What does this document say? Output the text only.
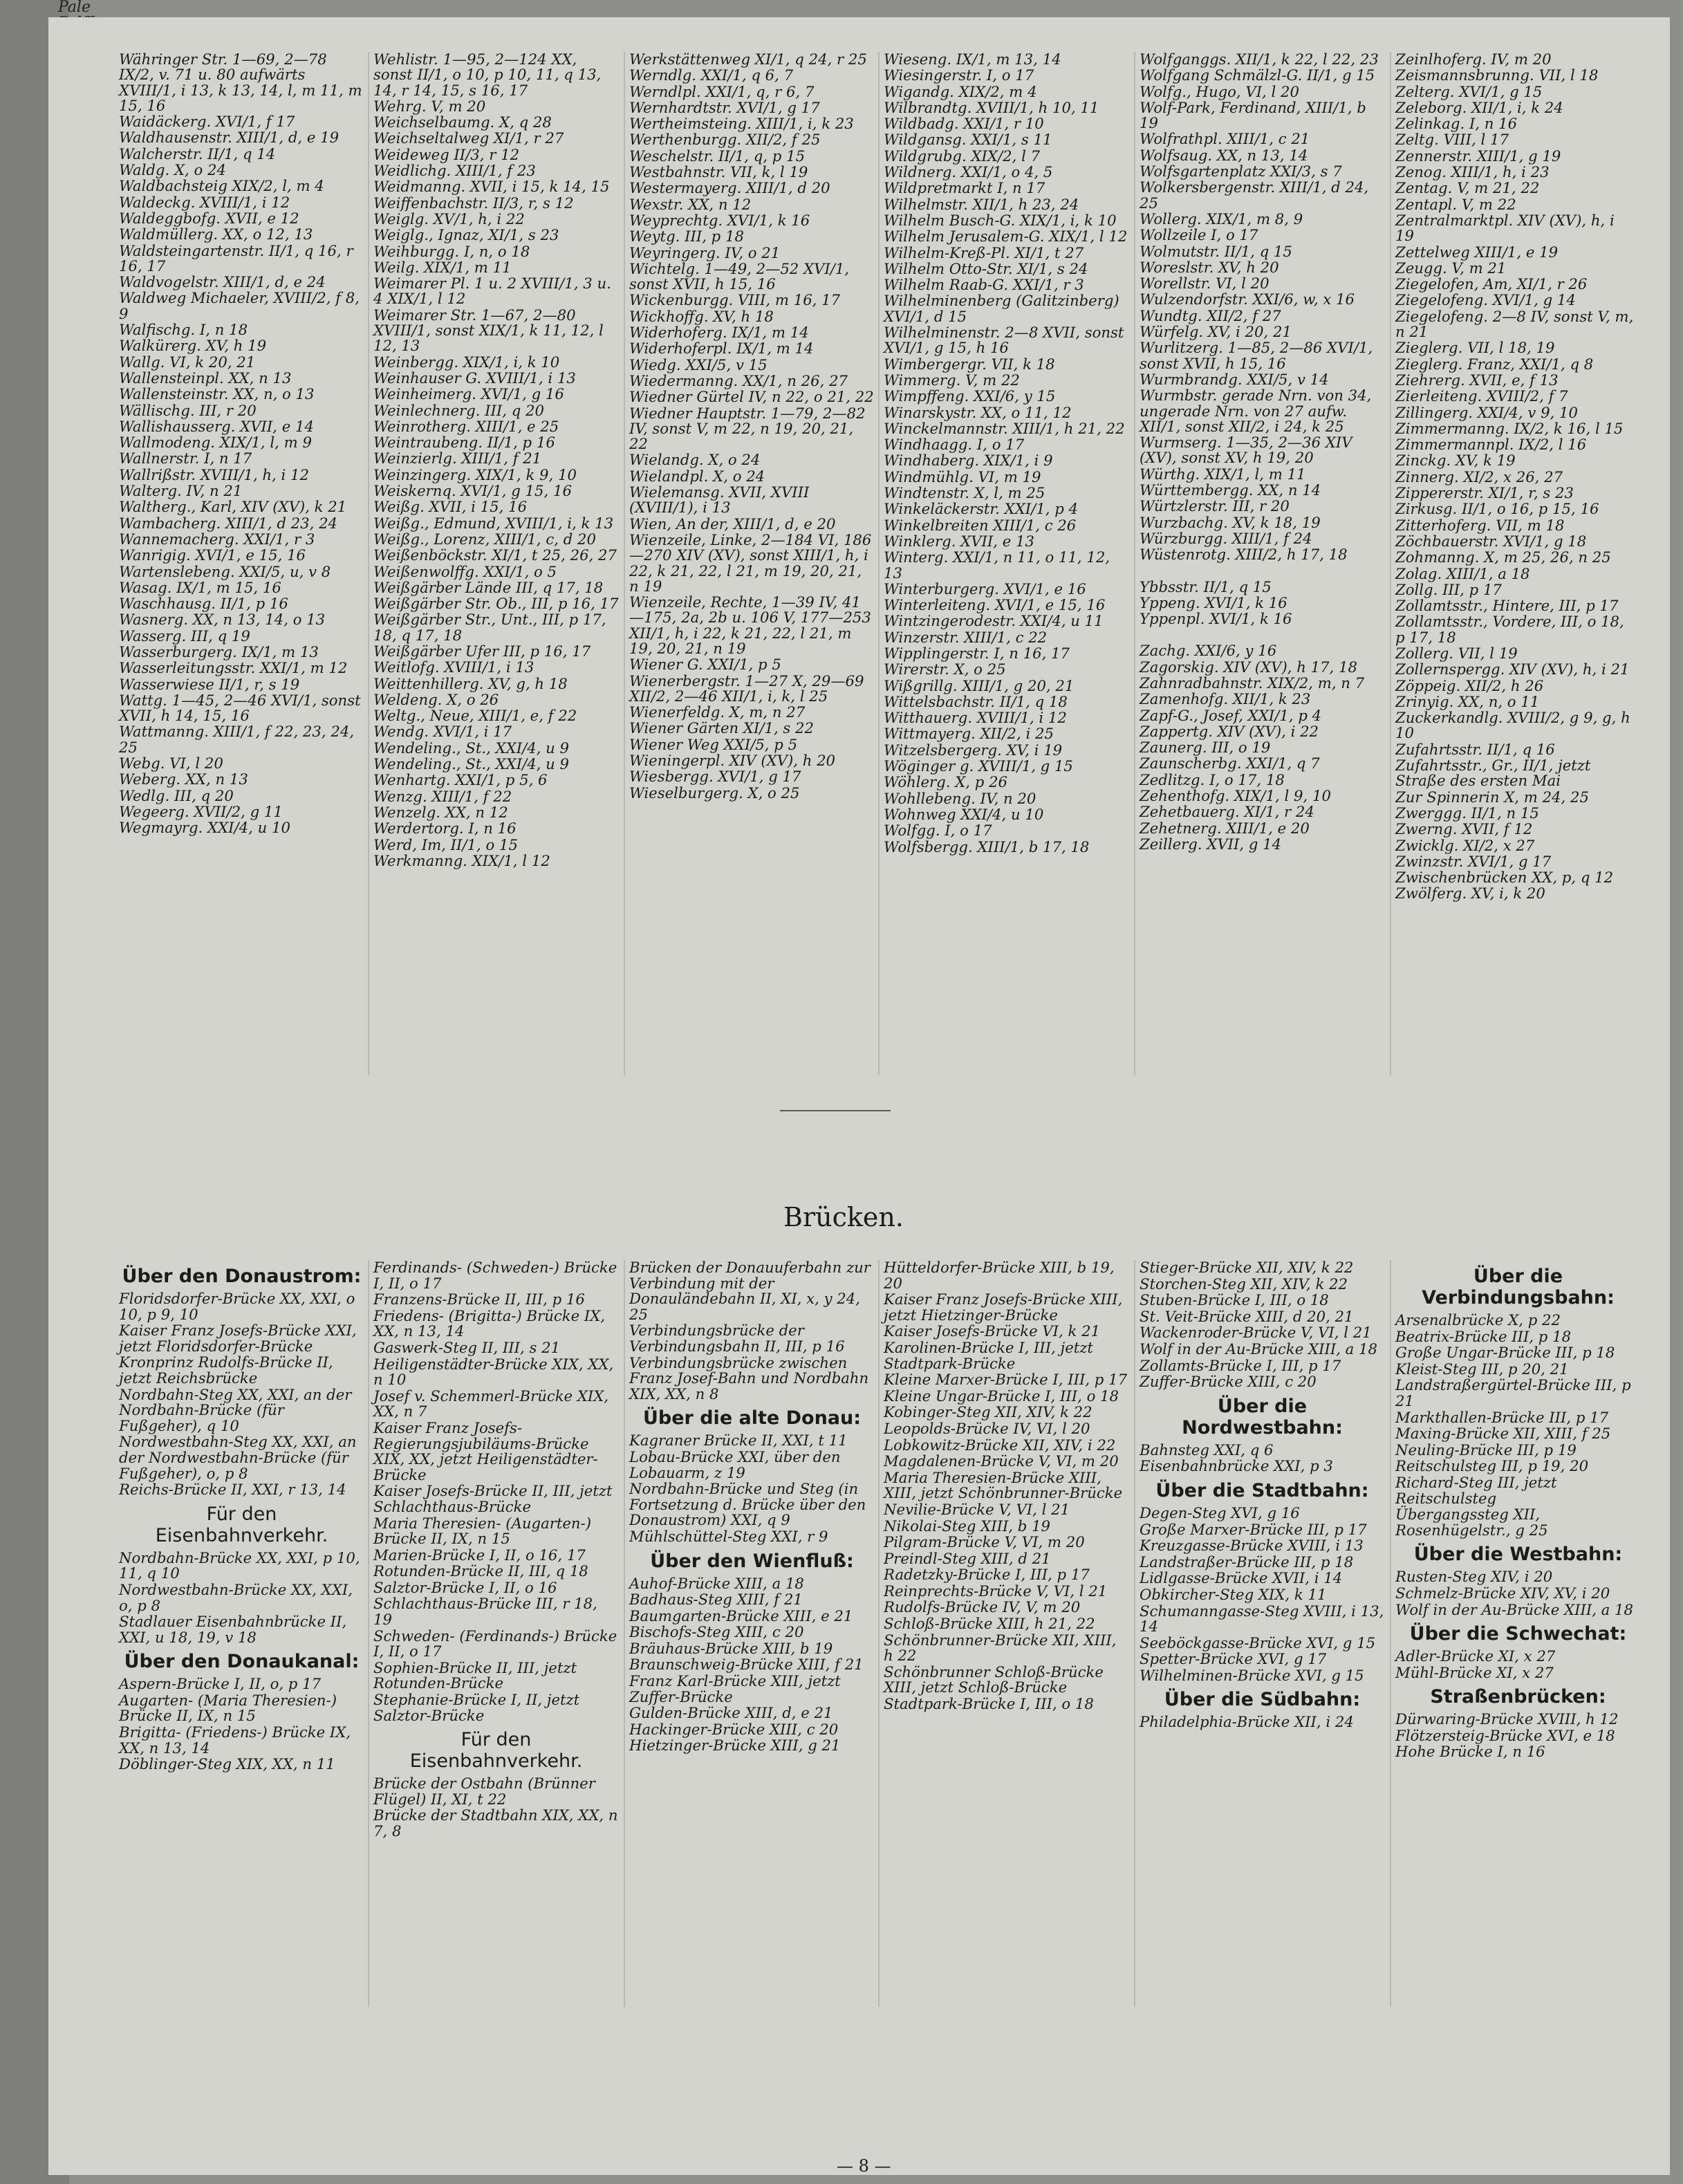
Pale
Währinger Str. 1—69, 2—78 IX/2, v. 71 u. 80 aufwärts XVIII/1, i 13, k 13, 14, l, m 11, m 15, 16
Waidäckerg. XVI/1, f 17
Waldhausenstr. XIII/1, d, e 19
Walcherstr. II/1, q 14
Waldg. X, o 24
Waldbachsteig XIX/2, l, m 4
Waldeckg. XVIII/1, i 12
Waldeggbofg. XVII, e 12
Waldmüllerg. XX, o 12, 13
Waldsteingartenstr. II/1, q 16, r 16, 17
Waldvogelstr. XIII/1, d, e 24
Waldweg Michaeler, XVIII/2, f 8, 9
Walfischg. I, n 18
Walkürerg. XV, h 19
Wallg. VI, k 20, 21
Wallensteinpl. XX, n 13
Wallensteinstr. XX, n, o 13
Wällischg. III, r 20
Wallishausserg. XVII, e 14
Wallmodeng. XIX/1, l, m 9
Wallnerstr. I, n 17
Wallrißstr. XVIII/1, h, i 12
Walterg. IV, n 21
Waltherg., Karl, XIV (XV), k 21
Wambacherg. XIII/1, d 23, 24
Wannemacherg. XXI/1, r 3
Wanrigig. XVI/1, e 15, 16
Wartenslebeng. XXI/5, u, v 8
Wasag. IX/1, m 15, 16
Waschhausg. II/1, p 16
Wasnerg. XX, n 13, 14, o 13
Wasserg. III, q 19
Wasserburgerg. IX/1, m 13
Wasserleitungsstr. XXI/1, m 12
Wasserwiese II/1, r, s 19
Wattg. 1—45, 2—46 XVI/1, sonst XVII, h 14, 15, 16
Wattmanng. XIII/1, f 22, 23, 24, 25
Webg. VI, l 20
Weberg. XX, n 13
Wedlg. III, q 20
Wegeerg. XVII/2, g 11
Wegmayrg. XXI/4, u 10
Wehlistr. 1—95, 2—124 XX, sonst II/1, o 10, p 10, 11, q 13, 14, r 14, 15, s 16, 17
Wehrg. V, m 20
Weichselbaumg. X, q 28
Weichseltalweg XI/1, r 27
Weideweg II/3, r 12
Weidlichg. XIII/1, f 23
Weidmanng. XVII, i 15, k 14, 15
Weiffenbachstr. II/3, r, s 12
Weiglg. XV/1, h, i 22
Weiglg., Ignaz, XI/1, s 23
Weihburgg. I, n, o 18
Weilg. XIX/1, m 11
Weimarer Pl. 1 u. 2 XVIII/1, 3 u. 4 XIX/1, l 12
Weimarer Str. 1—67, 2—80 XVIII/1, sonst XIX/1, k 11, 12, l 12, 13
Weinbergg. XIX/1, i, k 10
Weinhauser G. XVIII/1, i 13
Weinheimerg. XVI/1, g 16
Weinlechnerg. III, q 20
Weinrotherg. XIII/1, e 25
Weintraubeng. II/1, p 16
Weinzierlg. XIII/1, f 21
Weinzingerg. XIX/1, k 9, 10
Weiskernq. XVI/1, g 15, 16
Weißg. XVII, i 15, 16
Weißg., Edmund, XVIII/1, i, k 13
Weißg., Lorenz, XIII/1, c, d 20
Weißenböckstr. XI/1, t 25, 26, 27
Weißenwolffg. XXI/1, o 5
Weißgärber Lände III, q 17, 18
Weißgärber Str. Ob., III, p 16, 17
Weißgärber Str., Unt., III, p 17, 18, q 17, 18
Weißgärber Ufer III, p 16, 17
Weitlofg. XVIII/1, i 13
Weittenhillerg. XV, g, h 18
Weldeng. X, o 26
Weltg., Neue, XIII/1, e, f 22
Wendg. XVI/1, i 17
Wendeling., St., XXI/4, u 9
Wendeling., St., XXI/4, u 9
Wenhartg. XXI/1, p 5, 6
Wenzg. XIII/1, f 22
Wenzelg. XX, n 12
Werdertorg. I, n 16
Werd, Im, II/1, o 15
Werkmanng. XIX/1, l 12
Werkstättenweg XI/1, q 24, r 25
Werndlg. XXI/1, q 6, 7
Werndlpl. XXI/1, q, r 6, 7
Wernhardtstr. XVI/1, g 17
Wertheimsteing. XIII/1, i, k 23
Werthenburgg. XII/2, f 25
Weschelstr. II/1, q, p 15
Westbahnstr. VII, k, l 19
Westermayerg. XIII/1, d 20
Wexstr. XX, n 12
Weyprechtg. XVI/1, k 16
Weytg. III, p 18
Weyringerg. IV, o 21
Wichtelg. 1—49, 2—52 XVI/1, sonst XVII, h 15, 16
Wickenburgg. VIII, m 16, 17
Wickhoffg. XV, h 18
Widerhoferg. IX/1, m 14
Widerhoferpl. IX/1, m 14
Wiedg. XXI/5, v 15
Wiedermanng. XX/1, n 26, 27
Wiedner Gürtel IV, n 22, o 21, 22
Wiedner Hauptstr. 1—79, 2—82 IV, sonst V, m 22, n 19, 20, 21, 22
Wielandg. X, o 24
Wielandpl. X, o 24
Wielemansg. XVII, XVIII (XVIII/1), i 13
Wien, An der, XIII/1, d, e 20
Wienzeile, Linke, 2—184 VI, 186—270 XIV (XV), sonst XIII/1, h, i 22, k 21, 22, l 21, m 19, 20, 21, n 19
Wienzeile, Rechte, 1—39 IV, 41—175, 2a, 2b u. 106 V, 177—253 XII/1, h, i 22, k 21, 22, l 21, m 19, 20, 21, n 19
Wiener G. XXI/1, p 5
Wienerbergstr. 1—27 X, 29—69 XII/2, 2—46 XII/1, i, k, l 25
Wienerfeldg. X, m, n 27
Wiener Gärten XI/1, s 22
Wiener Weg XXI/5, p 5
Wieningerpl. XIV (XV), h 20
Wiesbergg. XVI/1, g 17
Wieselburgerg. X, o 25
Wieseng. IX/1, m 13, 14
Wiesingerstr. I, o 17
Wigandg. XIX/2, m 4
Wilbrandtg. XVIII/1, h 10, 11
Wildbadg. XXI/1, r 10
Wildgansg. XXI/1, s 11
Wildgrubg. XIX/2, l 7
Wildnerg. XXI/1, o 4, 5
Wildpretmarkt I, n 17
Wilhelmstr. XII/1, h 23, 24
Wilhelm Busch-G. XIX/1, i, k 10
Wilhelm Jerusalem-G. XIX/1, l 12
Wilhelm-Kreß-Pl. XI/1, t 27
Wilhelm Otto-Str. XI/1, s 24
Wilhelm Raab-G. XXI/1, r 3
Wilhelminenberg (Galitzinberg) XVI/1, d 15
Wilhelminenstr. 2—8 XVII, sonst XVI/1, g 15, h 16
Wimbergergr. VII, k 18
Wimmerg. V, m 22
Wimpffeng. XXI/6, y 15
Winarskystr. XX, o 11, 12
Winckelmannstr. XIII/1, h 21, 22
Windhaagg. I, o 17
Windhaberg. XIX/1, i 9
Windmühlg. VI, m 19
Windtenstr. X, l, m 25
Winkeläckerstr. XXI/1, p 4
Winkelbreiten XIII/1, c 26
Winklerg. XVII, e 13
Winterg. XXI/1, n 11, o 11, 12, 13
Winterburgerg. XVI/1, e 16
Winterleiteng. XVI/1, e 15, 16
Wintzingerodestr. XXI/4, u 11
Winzerstr. XIII/1, c 22
Wipplingerstr. I, n 16, 17
Wirerstr. X, o 25
Wißgrillg. XIII/1, g 20, 21
Wittelsbachstr. II/1, q 18
Witthauerg. XVIII/1, i 12
Wittmayerg. XII/2, i 25
Witzelsbergerg. XV, i 19
Wöginger g. XVIII/1, g 15
Wöhlerg. X, p 26
Wohllebeng. IV, n 20
Wohnweg XXI/4, u 10
Wolfgg. I, o 17
Wolfsbergg. XIII/1, b 17, 18
Wolfganggs. XII/1, k 22, l 22, 23
Wolfgang Schmälzl-G. II/1, g 15
Wolfg., Hugo, VI, l 20
Wolf-Park, Ferdinand, XIII/1, b 19
Wolfrathpl. XIII/1, c 21
Wolfsaug. XX, n 13, 14
Wolfsgartenplatz XXI/3, s 7
Wolkersbergenstr. XIII/1, d 24, 25
Wollerg. XIX/1, m 8, 9
Wollzeile I, o 17
Wolmutstr. II/1, q 15
Woreslstr. XV, h 20
Worellstr. VI, l 20
Wulzendorfstr. XXI/6, w, x 16
Wundtg. XII/2, f 27
Würfelg. XV, i 20, 21
Wurlitzerg. 1—85, 2—86 XVI/1, sonst XVII, h 15, 16
Wurmbrandg. XXI/5, v 14
Wurmbstr. gerade Nrn. von 34, ungerade Nrn. von 27 aufw. XII/1, sonst XII/2, i 24, k 25
Wurmserg. 1—35, 2—36 XIV (XV), sonst XV, h 19, 20
Würthg. XIX/1, l, m 11
Württembergg. XX, n 14
Würtzlerstr. III, r 20
Wurzbachg. XV, k 18, 19
Würzburgg. XIII/1, f 24
Wüstenrotg. XIII/2, h 17, 18
Ybbsstr. II/1, q 15
Yppeng. XVI/1, k 16
Yppenpl. XVI/1, k 16
Zachg. XXI/6, y 16
Zagorskig. XIV (XV), h 17, 18
Zahnradbahnstr. XIX/2, m, n 7
Zamenhofg. XII/1, k 23
Zapf-G., Josef, XXI/1, p 4
Zappertg. XIV (XV), i 22
Zaunerg. III, o 19
Zaunscherbg. XXI/1, q 7
Zedlitzg. I, o 17, 18
Zehenthofg. XIX/1, l 9, 10
Zehetbauerg. XI/1, r 24
Zehetnerg. XIII/1, e 20
Zeillerg. XVII, g 14
Zeinlhoferg. IV, m 20
Zeismannsbrunng. VII, l 18
Zelterg. XVI/1, g 15
Zeleborg. XII/1, i, k 24
Zelinkag. I, n 16
Zeltg. VIII, l 17
Zennerstr. XIII/1, g 19
Zenog. XIII/1, h, i 23
Zentag. V, m 21, 22
Zentapl. V, m 22
Zentralmarktpl. XIV (XV), h, i 19
Zettelweg XIII/1, e 19
Zeugg. V, m 21
Ziegelofen, Am, XI/1, r 26
Ziegelofeng. XVI/1, g 14
Ziegelofeng. 2—8 IV, sonst V, m, n 21
Zieglerg. VII, l 18, 19
Zieglerg. Franz, XXI/1, q 8
Ziehrerg. XVII, e, f 13
Zierleiteng. XVIII/2, f 7
Zillingerg. XXI/4, v 9, 10
Zimmermanng. IX/2, k 16, l 15
Zimmermannpl. IX/2, l 16
Zinckg. XV, k 19
Zinnerg. XI/2, x 26, 27
Zippererstr. XI/1, r, s 23
Zirkusg. II/1, o 16, p 15, 16
Zitterhoferg. VII, m 18
Zöchbauerstr. XVI/1, g 18
Zohmanng. X, m 25, 26, n 25
Zolag. XIII/1, a 18
Zollg. III, p 17
Zollamtsstr., Hintere, III, p 17
Zollamtsstr., Vordere, III, o 18, p 17, 18
Zollerg. VII, l 19
Zollernspergg. XIV (XV), h, i 21
Zöppeig. XII/2, h 26
Zrinyig. XX, n, o 11
Zuckerkandlg. XVIII/2, g 9, g, h 10
Zufahrtsstr. II/1, q 16
Zufahrtsstr., Gr., II/1, jetzt Straße des ersten Mai
Zur Spinnerin X, m 24, 25
Zwerggg. II/1, n 15
Zwerng. XVII, f 12
Zwicklg. XI/2, x 27
Zwinzstr. XVI/1, g 17
Zwischenbrücken XX, p, q 12
Zwölferg. XV, i, k 20
Brücken.
Über den Donaustrom:
Floridsdorfer-Brücke XX, XXI, o 10, p 9, 10
Kaiser Franz Josefs-Brücke XXI, jetzt Floridsdorfer-Brücke
Kronprinz Rudolfs-Brücke II, jetzt Reichsbrücke
Nordbahn-Steg XX, XXI, an der Nordbahn-Brücke (für Fußgeher), q 10
Nordwestbahn-Steg XX, XXI, an der Nordwestbahn-Brücke (für Fußgeher), o, p 8
Reichs-Brücke II, XXI, r 13, 14
Für den Eisenbahnverkehr.
Nordbahn-Brücke XX, XXI, p 10, 11, q 10
Nordwestbahn-Brücke XX, XXI, o, p 8
Stadlauer Eisenbahnbrücke II, XXI, u 18, 19, v 18
Über den Donaukanal:
Aspern-Brücke I, II, o, p 17
Augarten- (Maria Theresien-) Brücke II, IX, n 15
Brigitta- (Friedens-) Brücke IX, XX, n 13, 14
Döblinger-Steg XIX, XX, n 11
Ferdinands- (Schweden-) Brücke I, II, o 17
Franzens-Brücke II, III, p 16
Friedens- (Brigitta-) Brücke IX, XX, n 13, 14
Gaswerk-Steg II, III, s 21
Heiligenstädter-Brücke XIX, XX, n 10
Josef v. Schemmerl-Brücke XIX, XX, n 7
Kaiser Franz Josefs-Regierungsjubiläums-Brücke XIX, XX, jetzt Heiligenstädter-Brücke
Kaiser Josefs-Brücke II, III, jetzt Schlachthaus-Brücke
Maria Theresien- (Augarten-) Brücke II, IX, n 15
Marien-Brücke I, II, o 16, 17
Rotunden-Brücke II, III, q 18
Salztor-Brücke I, II, o 16
Schlachthaus-Brücke III, r 18, 19
Schweden- (Ferdinands-) Brücke I, II, o 17
Sophien-Brücke II, III, jetzt Rotunden-Brücke
Stephanie-Brücke I, II, jetzt Salztor-Brücke
Für den Eisenbahnverkehr.
Brücke der Ostbahn (Brünner Flügel) II, XI, t 22
Brücke der Stadtbahn XIX, XX, n 7, 8
Brücken der Donauuferbahn zur Verbindung mit der Donauländebahn II, XI, x, y 24, 25
Verbindungsbrücke der Verbindungsbahn II, III, p 16
Verbindungsbrücke zwischen Franz Josef-Bahn und Nordbahn XIX, XX, n 8
Über die alte Donau:
Kagraner Brücke II, XXI, t 11
Lobau-Brücke XXI, über den Lobauarm, z 19
Nordbahn-Brücke und Steg (in Fortsetzung d. Brücke über den Donaustrom) XXI, q 9
Mühlschüttel-Steg XXI, r 9
Über den Wienfluß:
Auhof-Brücke XIII, a 18
Badhaus-Steg XIII, f 21
Baumgarten-Brücke XIII, e 21
Bischofs-Steg XIII, c 20
Bräuhaus-Brücke XIII, b 19
Braunschweig-Brücke XIII, f 21
Franz Karl-Brücke XIII, jetzt Zuffer-Brücke
Gulden-Brücke XIII, d, e 21
Hackinger-Brücke XIII, c 20
Hietzinger-Brücke XIII, g 21
Hütteldorfer-Brücke XIII, b 19, 20
Kaiser Franz Josefs-Brücke XIII, jetzt Hietzinger-Brücke
Kaiser Josefs-Brücke VI, k 21
Karolinen-Brücke I, III, jetzt Stadtpark-Brücke
Kleine Marxer-Brücke I, III, p 17
Kleine Ungar-Brücke I, III, o 18
Kobinger-Steg XII, XIV, k 22
Leopolds-Brücke IV, VI, l 20
Lobkowitz-Brücke XII, XIV, i 22
Magdalenen-Brücke V, VI, m 20
Maria Theresien-Brücke XIII, XIII, jetzt Schönbrunner-Brücke
Nevilie-Brücke V, VI, l 21
Nikolai-Steg XIII, b 19
Pilgram-Brücke V, VI, m 20
Preindl-Steg XIII, d 21
Radetzky-Brücke I, III, p 17
Reinprechts-Brücke V, VI, l 21
Rudolfs-Brücke IV, V, m 20
Schloß-Brücke XIII, h 21, 22
Schönbrunner-Brücke XII, XIII, h 22
Schönbrunner Schloß-Brücke XIII, jetzt Schloß-Brücke
Stadtpark-Brücke I, III, o 18
Stieger-Brücke XII, XIV, k 22
Storchen-Steg XII, XIV, k 22
Stuben-Brücke I, III, o 18
St. Veit-Brücke XIII, d 20, 21
Wackenroder-Brücke V, VI, l 21
Wolf in der Au-Brücke XIII, a 18
Zollamts-Brücke I, III, p 17
Zuffer-Brücke XIII, c 20
Über die Nordwestbahn:
Bahnsteg XXI, q 6
Eisenbahnbrücke XXI, p 3
Über die Stadtbahn:
Degen-Steg XVI, g 16
Große Marxer-Brücke III, p 17
Kreuzgasse-Brücke XVIII, i 13
Landstraßer-Brücke III, p 18
Lidlgasse-Brücke XVII, i 14
Obkircher-Steg XIX, k 11
Schumanngasse-Steg XVIII, i 13, 14
Seeböckgasse-Brücke XVI, g 15
Spetter-Brücke XVI, g 17
Wilhelminen-Brücke XVI, g 15
Über die Südbahn:
Philadelphia-Brücke XII, i 24
Über die Verbindungsbahn:
Arsenalbrücke X, p 22
Beatrix-Brücke III, p 18
Große Ungar-Brücke III, p 18
Kleist-Steg III, p 20, 21
Landstraßergürtel-Brücke III, p 21
Markthallen-Brücke III, p 17
Maxing-Brücke XII, XIII, f 25
Neuling-Brücke III, p 19
Reitschulsteg III, p 19, 20
Richard-Steg III, jetzt Reitschulsteg
Übergangssteg XII, Rosenhügelstr., g 25
Über die Westbahn:
Rusten-Steg XIV, i 20
Schmelz-Brücke XIV, XV, i 20
Wolf in der Au-Brücke XIII, a 18
Über die Schwechat:
Adler-Brücke XI, x 27
Mühl-Brücke XI, x 27
Straßenbrücken:
Dürwaring-Brücke XVIII, h 12
Flötzersteig-Brücke XVI, e 18
Hohe Brücke I, n 16
— 8 —
